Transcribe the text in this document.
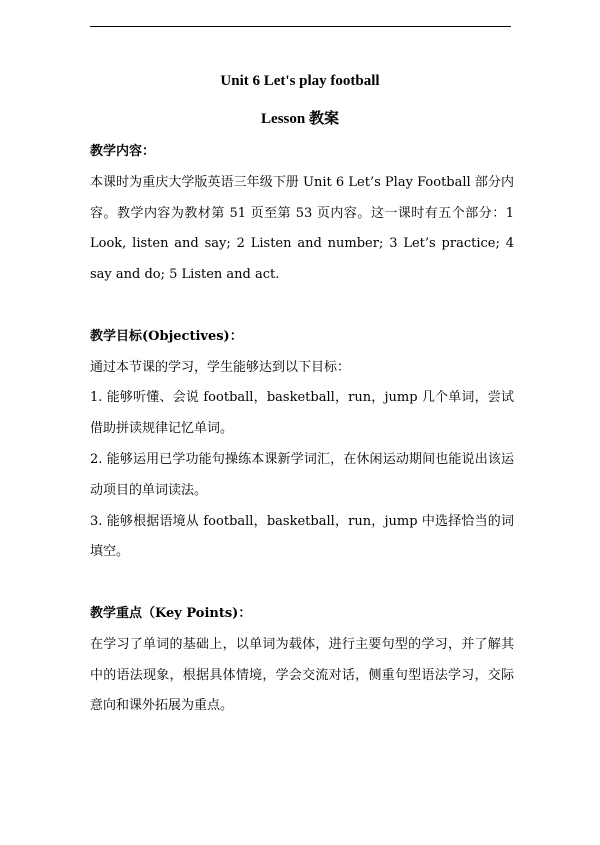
Unit 6 Let's play football
Lesson 教案

教学内容：

本课时为重庆大学版英语三年级下册 Unit 6 Let’s Play Football 部分内容。教学内容为教材第 51 页至第 53 页内容。这一课时有五个部分：1 Look, listen and say; 2 Listen and number; 3 Let’s practice; 4 say and do; 5 Listen and act.

教学目标(Objectives)：

通过本节课的学习，学生能够达到以下目标：

1. 能够听懂、会说 football，basketball，run，jump 几个单词，尝试借助拼读规律记忆单词。

2. 能够运用已学功能句操练本课新学词汇，在休闲运动期间也能说出该运动项目的单词读法。

3. 能够根据语境从 football，basketball，run，jump 中选择恰当的词填空。

教学重点（Key Points)：

在学习了单词的基础上，以单词为载体，进行主要句型的学习，并了解其中的语法现象，根据具体情境，学会交流对话，侧重句型语法学习，交际意向和课外拓展为重点。
